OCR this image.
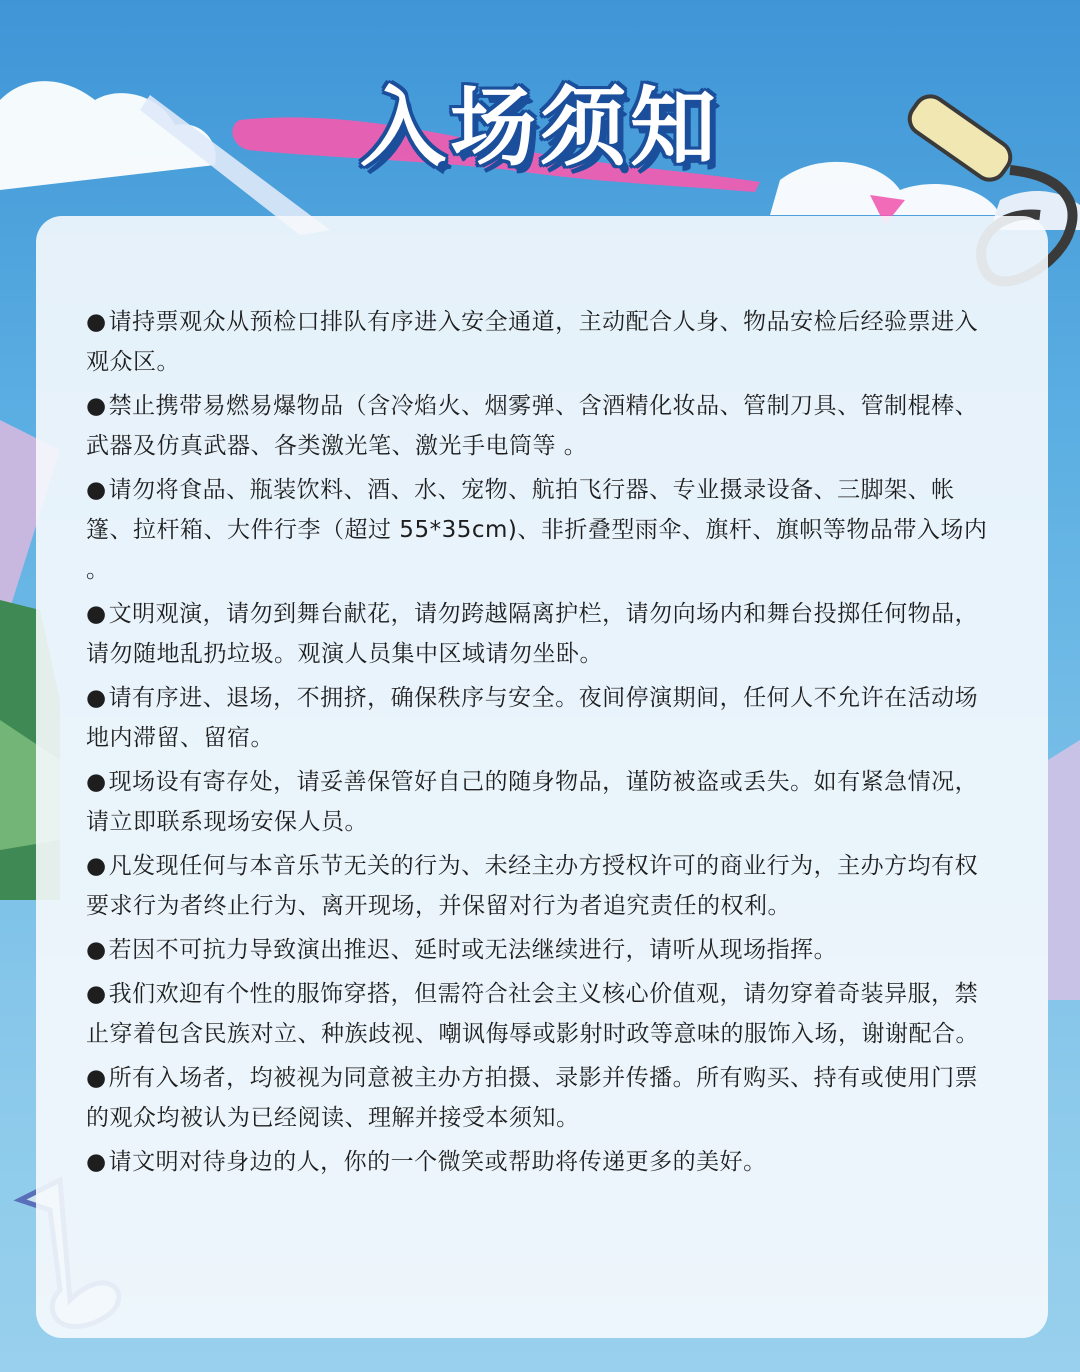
入场须知
●请持票观众从预检口排队有序进入安全通道，主动配合人身、物品安检后经验票进入观众区。
●禁止携带易燃易爆物品（含冷焰火、烟雾弹、含酒精化妆品、管制刀具、管制棍棒、武器及仿真武器、各类激光笔、激光手电筒等 。
●请勿将食品、瓶装饮料、酒、水、宠物、航拍飞行器、专业摄录设备、三脚架、帐篷、拉杆箱、大件行李（超过 55*35cm)、非折叠型雨伞、旗杆、旗帜等物品带入场内 。
●文明观演，请勿到舞台献花，请勿跨越隔离护栏，请勿向场内和舞台投掷任何物品，请勿随地乱扔垃圾。观演人员集中区域请勿坐卧。
●请有序进、退场，不拥挤，确保秩序与安全。夜间停演期间，任何人不允许在活动场地内滞留、留宿。
●现场设有寄存处，请妥善保管好自己的随身物品，谨防被盗或丢失。如有紧急情况，请立即联系现场安保人员。
●凡发现任何与本音乐节无关的行为、未经主办方授权许可的商业行为，主办方均有权要求行为者终止行为、离开现场，并保留对行为者追究责任的权利。
●若因不可抗力导致演出推迟、延时或无法继续进行，请听从现场指挥。
●我们欢迎有个性的服饰穿搭，但需符合社会主义核心价值观，请勿穿着奇装异服，禁止穿着包含民族对立、种族歧视、嘲讽侮辱或影射时政等意味的服饰入场，谢谢配合。
●所有入场者，均被视为同意被主办方拍摄、录影并传播。所有购买、持有或使用门票的观众均被认为已经阅读、理解并接受本须知。
●请文明对待身边的人，你的一个微笑或帮助将传递更多的美好。
